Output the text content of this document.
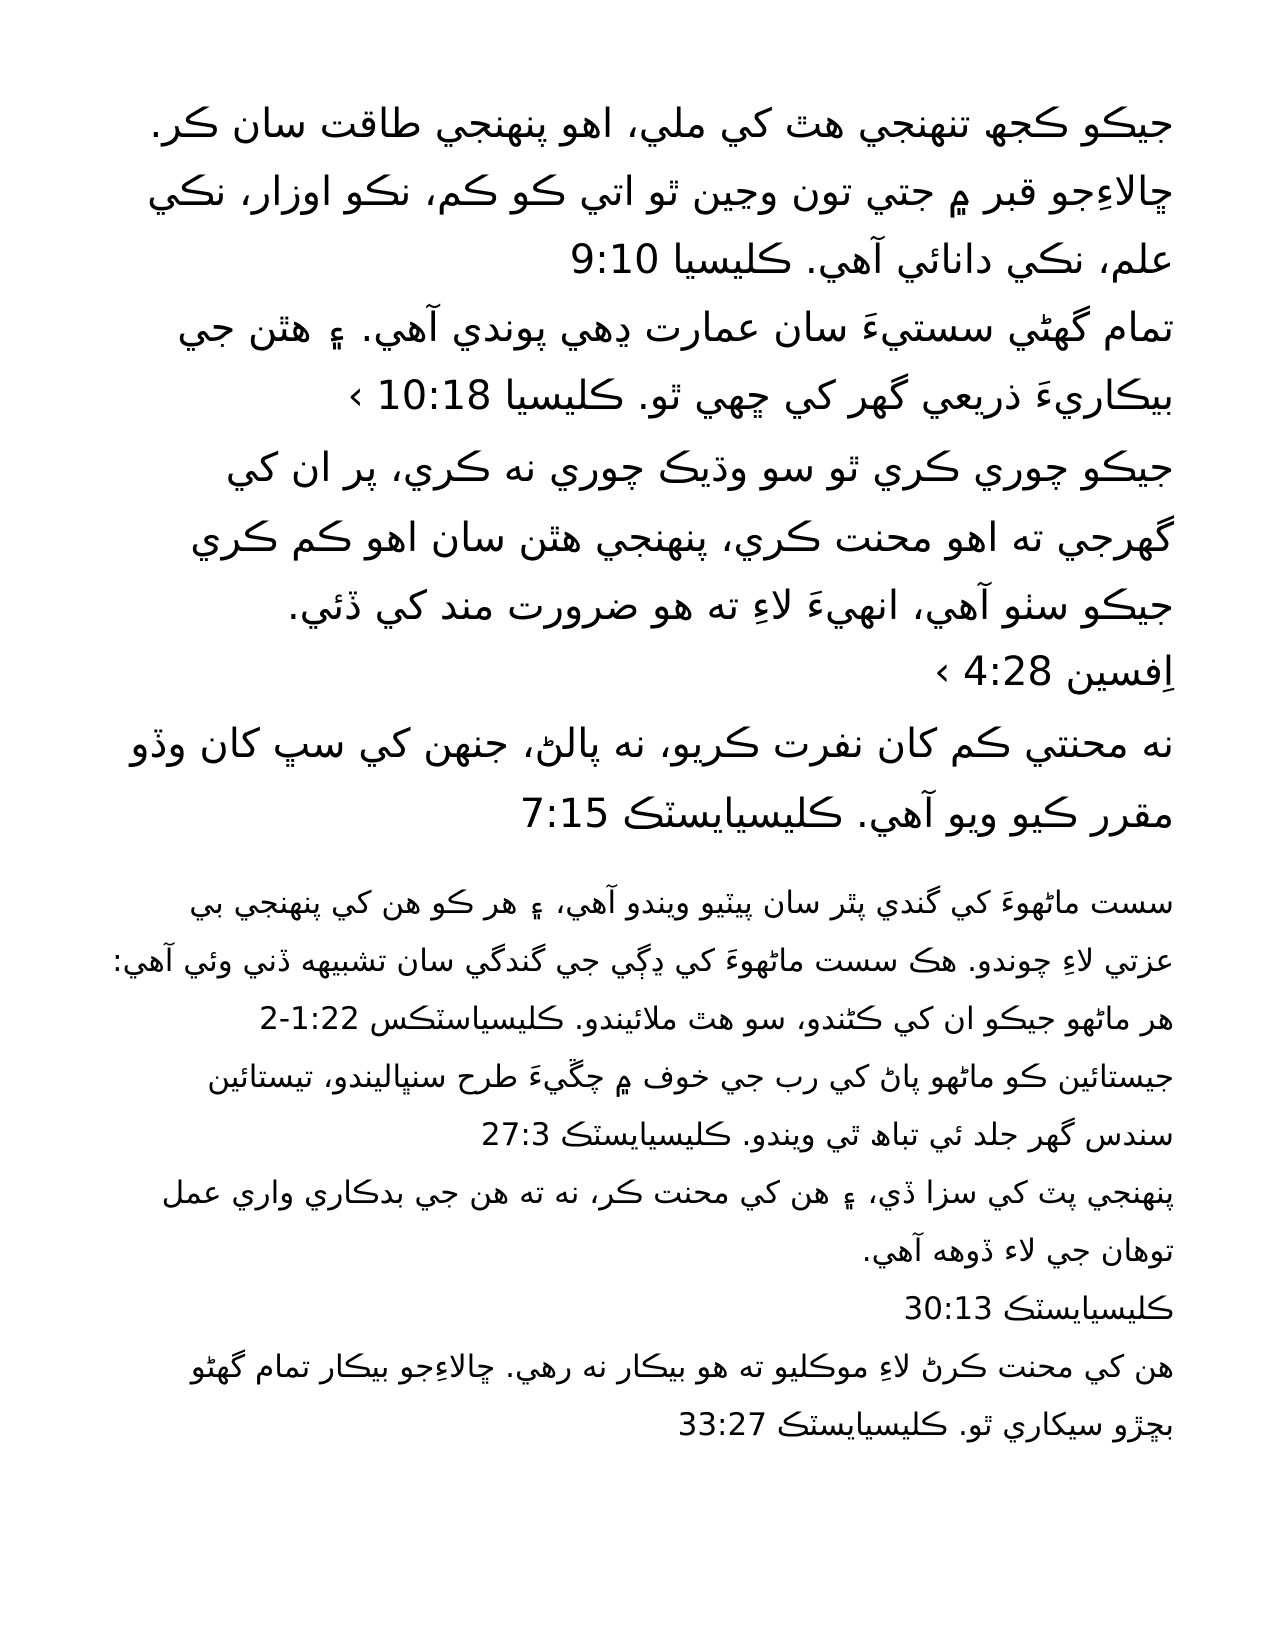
جيڪو ڪجھ تنھنجي ھٿ کي ملي، اھو پنھنجي طاقت سان ڪر.
ڇالاءِجو قبر ۾ جتي تون وڃين ٿو اتي ڪو ڪم، نڪو اوزار، نڪي
علم، نڪي دانائي آھي. ڪليسيا 9:10
تمام گھڻي سستيءَ سان عمارت ڍھي پوندي آھي. ۽ ھٿن جي
بيڪاريءَ ذريعي گھر کي ڇھي ٿو. ڪليسيا 10:18 ›
جيڪو چوري ڪري ٿو سو وڌيڪ چوري نه ڪري، پر ان کي
گھرجي ته اھو محنت ڪري، پنھنجي ھٿن سان اھو ڪم ڪري
جيڪو سٺو آھي، انھيءَ لاءِ ته ھو ضرورت مند کي ڏئي.
اِفسين 4:28 ›
نه محنتي ڪم کان نفرت ڪريو، نه پالڻ، جنھن کي سڀ کان وڏو
مقرر ڪيو ويو آھي. ڪليسيايسٽڪ 7:15
سست ماڻھوءَ کي گندي پٿر سان پيٽيو ويندو آھي، ۽ ھر ڪو ھن کي پنھنجي بي
عزتي لاءِ چوندو. ھڪ سست ماڻھوءَ کي ڍڳي جي گندگي سان تشبيھه ڏني وئي آھي:
ھر ماڻھو جيڪو ان کي ڪڻندو، سو ھٿ ملائيندو. ڪليسياسٽڪس 1:22-2
جيستائين ڪو ماڻھو پاڻ کي رب جي خوف ۾ چڱيءَ طرح سنڀاليندو، تيستائين
سندس گھر جلد ئي تباھ ٿي ويندو. ڪليسيايسٽڪ 27:3
پنھنجي پٽ کي سزا ڏي، ۽ ھن کي محنت ڪر، نه ته ھن جي بدڪاري واري عمل
توھان جي لاء ڏوھه آھي.
ڪليسيايسٽڪ 30:13
ھن کي محنت ڪرڻ لاءِ موڪليو ته ھو بيڪار نه رھي. ڇالاءِجو بيڪار تمام گھڻو
بڇڙو سيکاري ٿو. ڪليسيايسٽڪ 33:27
